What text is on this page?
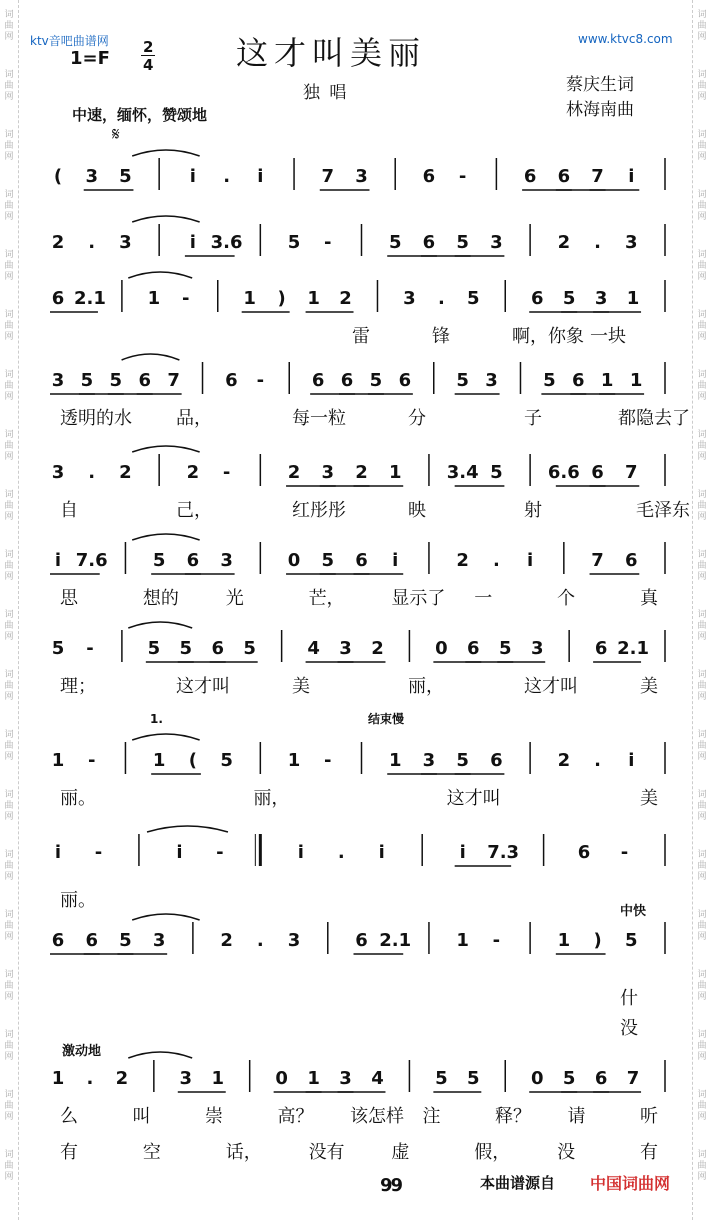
ktv音吧曲谱网	www.ktvc8.com
1=F
2
4	这才叫美丽
独 唱	蔡庆生词
林海南曲
中速，缅怀，赞颂地
𝄋
( 3 5	i . i	7 3	6 -	6 6 7 i
2 . 3	i 3.6	5 -	5 6 5 3	2 . 3
6 2.1 1 -	1 ) 1 2	3 . 5	6 5 3 1
雷	锋	啊，你象 一块
3 5 5 6 7	6 -	6 6 5 6	5 3	5 6 1 1
透明的水 品，	每一粒	分	子	都隐去了
3 . 2	2 -	2 3 2 1	3.4 5	6.6 6 7
自	己，	红彤彤	映	射	毛泽东
i 7.6	5 6 3	0 5 6 i	2 . i	7 6
思	想的	光	芒，	显示了 一	个	真
5 -	5 5 6 5	4 3 2	0 6 5 3	6 2.1
理；	这才叫	美	丽，	这才叫	美
1 -	1 ( 5	1 -	1 3 5 6	2 . i
1.	结束慢
丽。	丽，	这才叫	美
i -	i -	i . i	i 7.3	6 -
中快
丽。
6 6 5 3	2 . 3	6 2.1	1 -	1 ) 5
什
没
1 . 2	3 1	0 1 3 4	5 5	0 5 6 7
激动地
么	叫	崇	高？ 该怎样 注	释？ 请	听
有	空	话，	没有	虚	假，	没	有
99	本曲谱源自 中国词曲网
词
曲
网
词
曲
网
词
曲
网
词
曲
网
词
曲
网
词
曲
网
词
曲
网
词
曲
网
词
曲
网
词
曲
网
词
曲
网
词
曲
网
词
曲
网
词
曲
网
词
曲
网
词
曲
网
词
曲
网
词
曲
网
词
曲
网
词
曲
网
词
曲
网
词
曲
网
词
曲
网
词
曲
网
词
曲
网
词
曲
网
词
曲
网
词
曲
网
词
曲
网
词
曲
网
词
曲
网
词
曲
网
词
曲
网
词
曲
网
词
曲
网
词
曲
网
词
曲
网
词
曲
网
词
曲
网
词
曲
网
